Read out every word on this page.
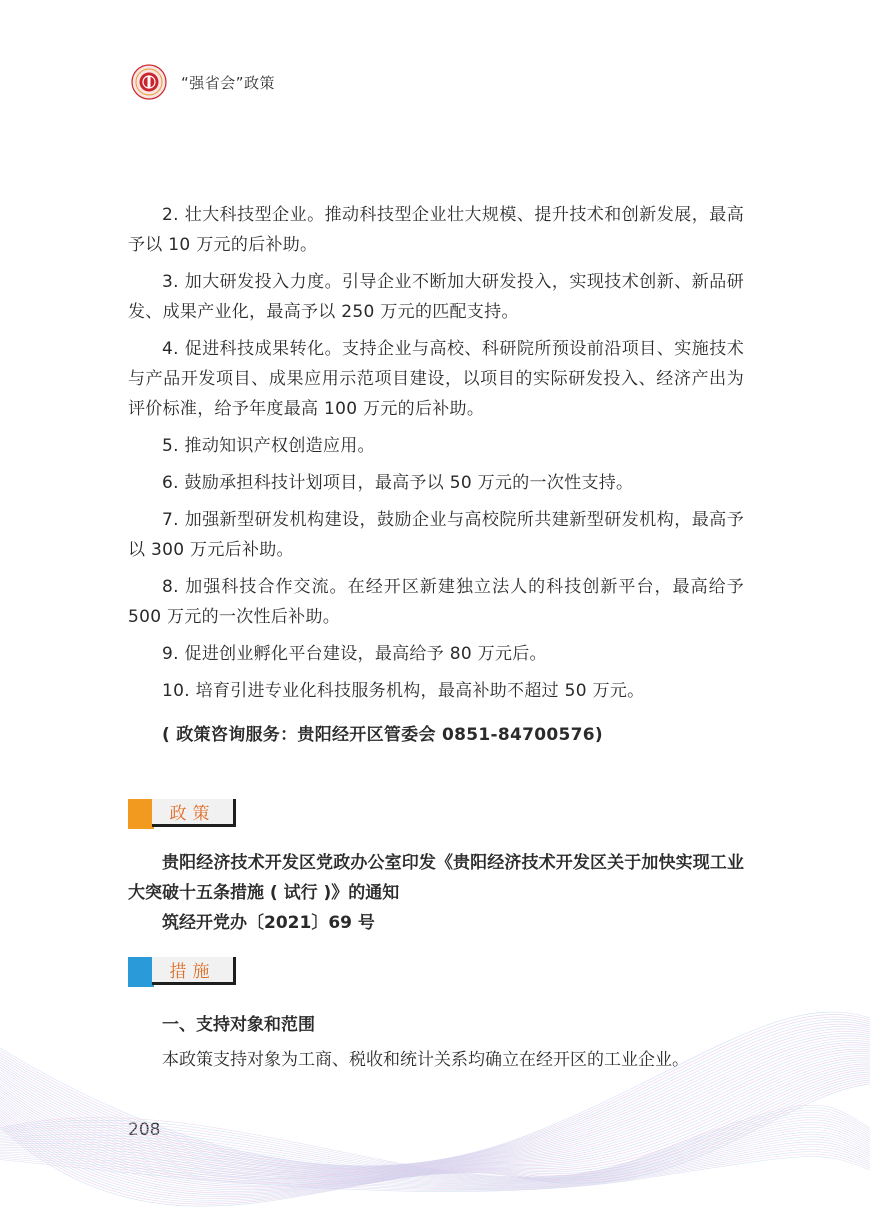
“强省会”政策

2. 壮大科技型企业。推动科技型企业壮大规模、提升技术和创新发展，最高予以 10 万元的后补助。

3. 加大研发投入力度。引导企业不断加大研发投入，实现技术创新、新品研发、成果产业化，最高予以 250 万元的匹配支持。

4. 促进科技成果转化。支持企业与高校、科研院所预设前沿项目、实施技术与产品开发项目、成果应用示范项目建设，以项目的实际研发投入、经济产出为评价标准，给予年度最高 100 万元的后补助。

5. 推动知识产权创造应用。

6. 鼓励承担科技计划项目，最高予以 50 万元的一次性支持。

7. 加强新型研发机构建设，鼓励企业与高校院所共建新型研发机构，最高予以 300 万元后补助。

8. 加强科技合作交流。在经开区新建独立法人的科技创新平台，最高给予 500 万元的一次性后补助。

9. 促进创业孵化平台建设，最高给予 80 万元后。

10. 培育引进专业化科技服务机构，最高补助不超过 50 万元。

( 政策咨询服务：贵阳经开区管委会 0851-84700576)

政策

贵阳经济技术开发区党政办公室印发《贵阳经济技术开发区关于加快实现工业大突破十五条措施 ( 试行 )》的通知

筑经开党办〔2021〕69 号

措施

一、支持对象和范围

本政策支持对象为工商、税收和统计关系均确立在经开区的工业企业。

208
